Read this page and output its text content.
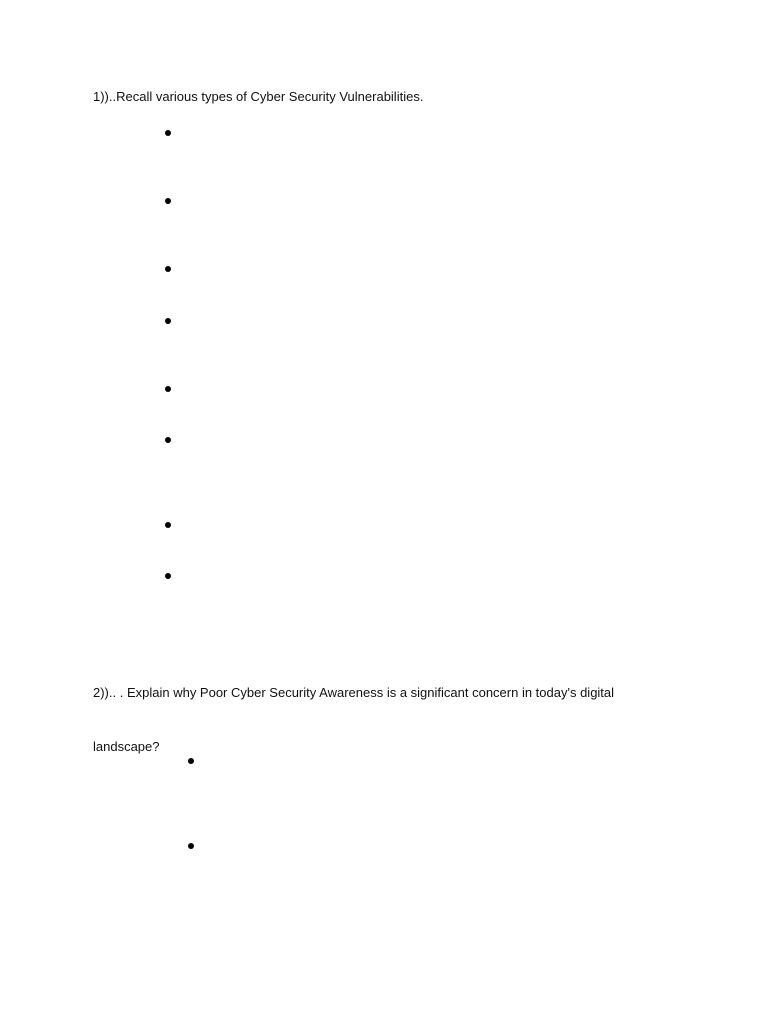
1))..Recall various types of Cyber Security Vulnerabilities.

2)).. . Explain why Poor Cyber Security Awareness is a significant concern in today's digital

landscape?
